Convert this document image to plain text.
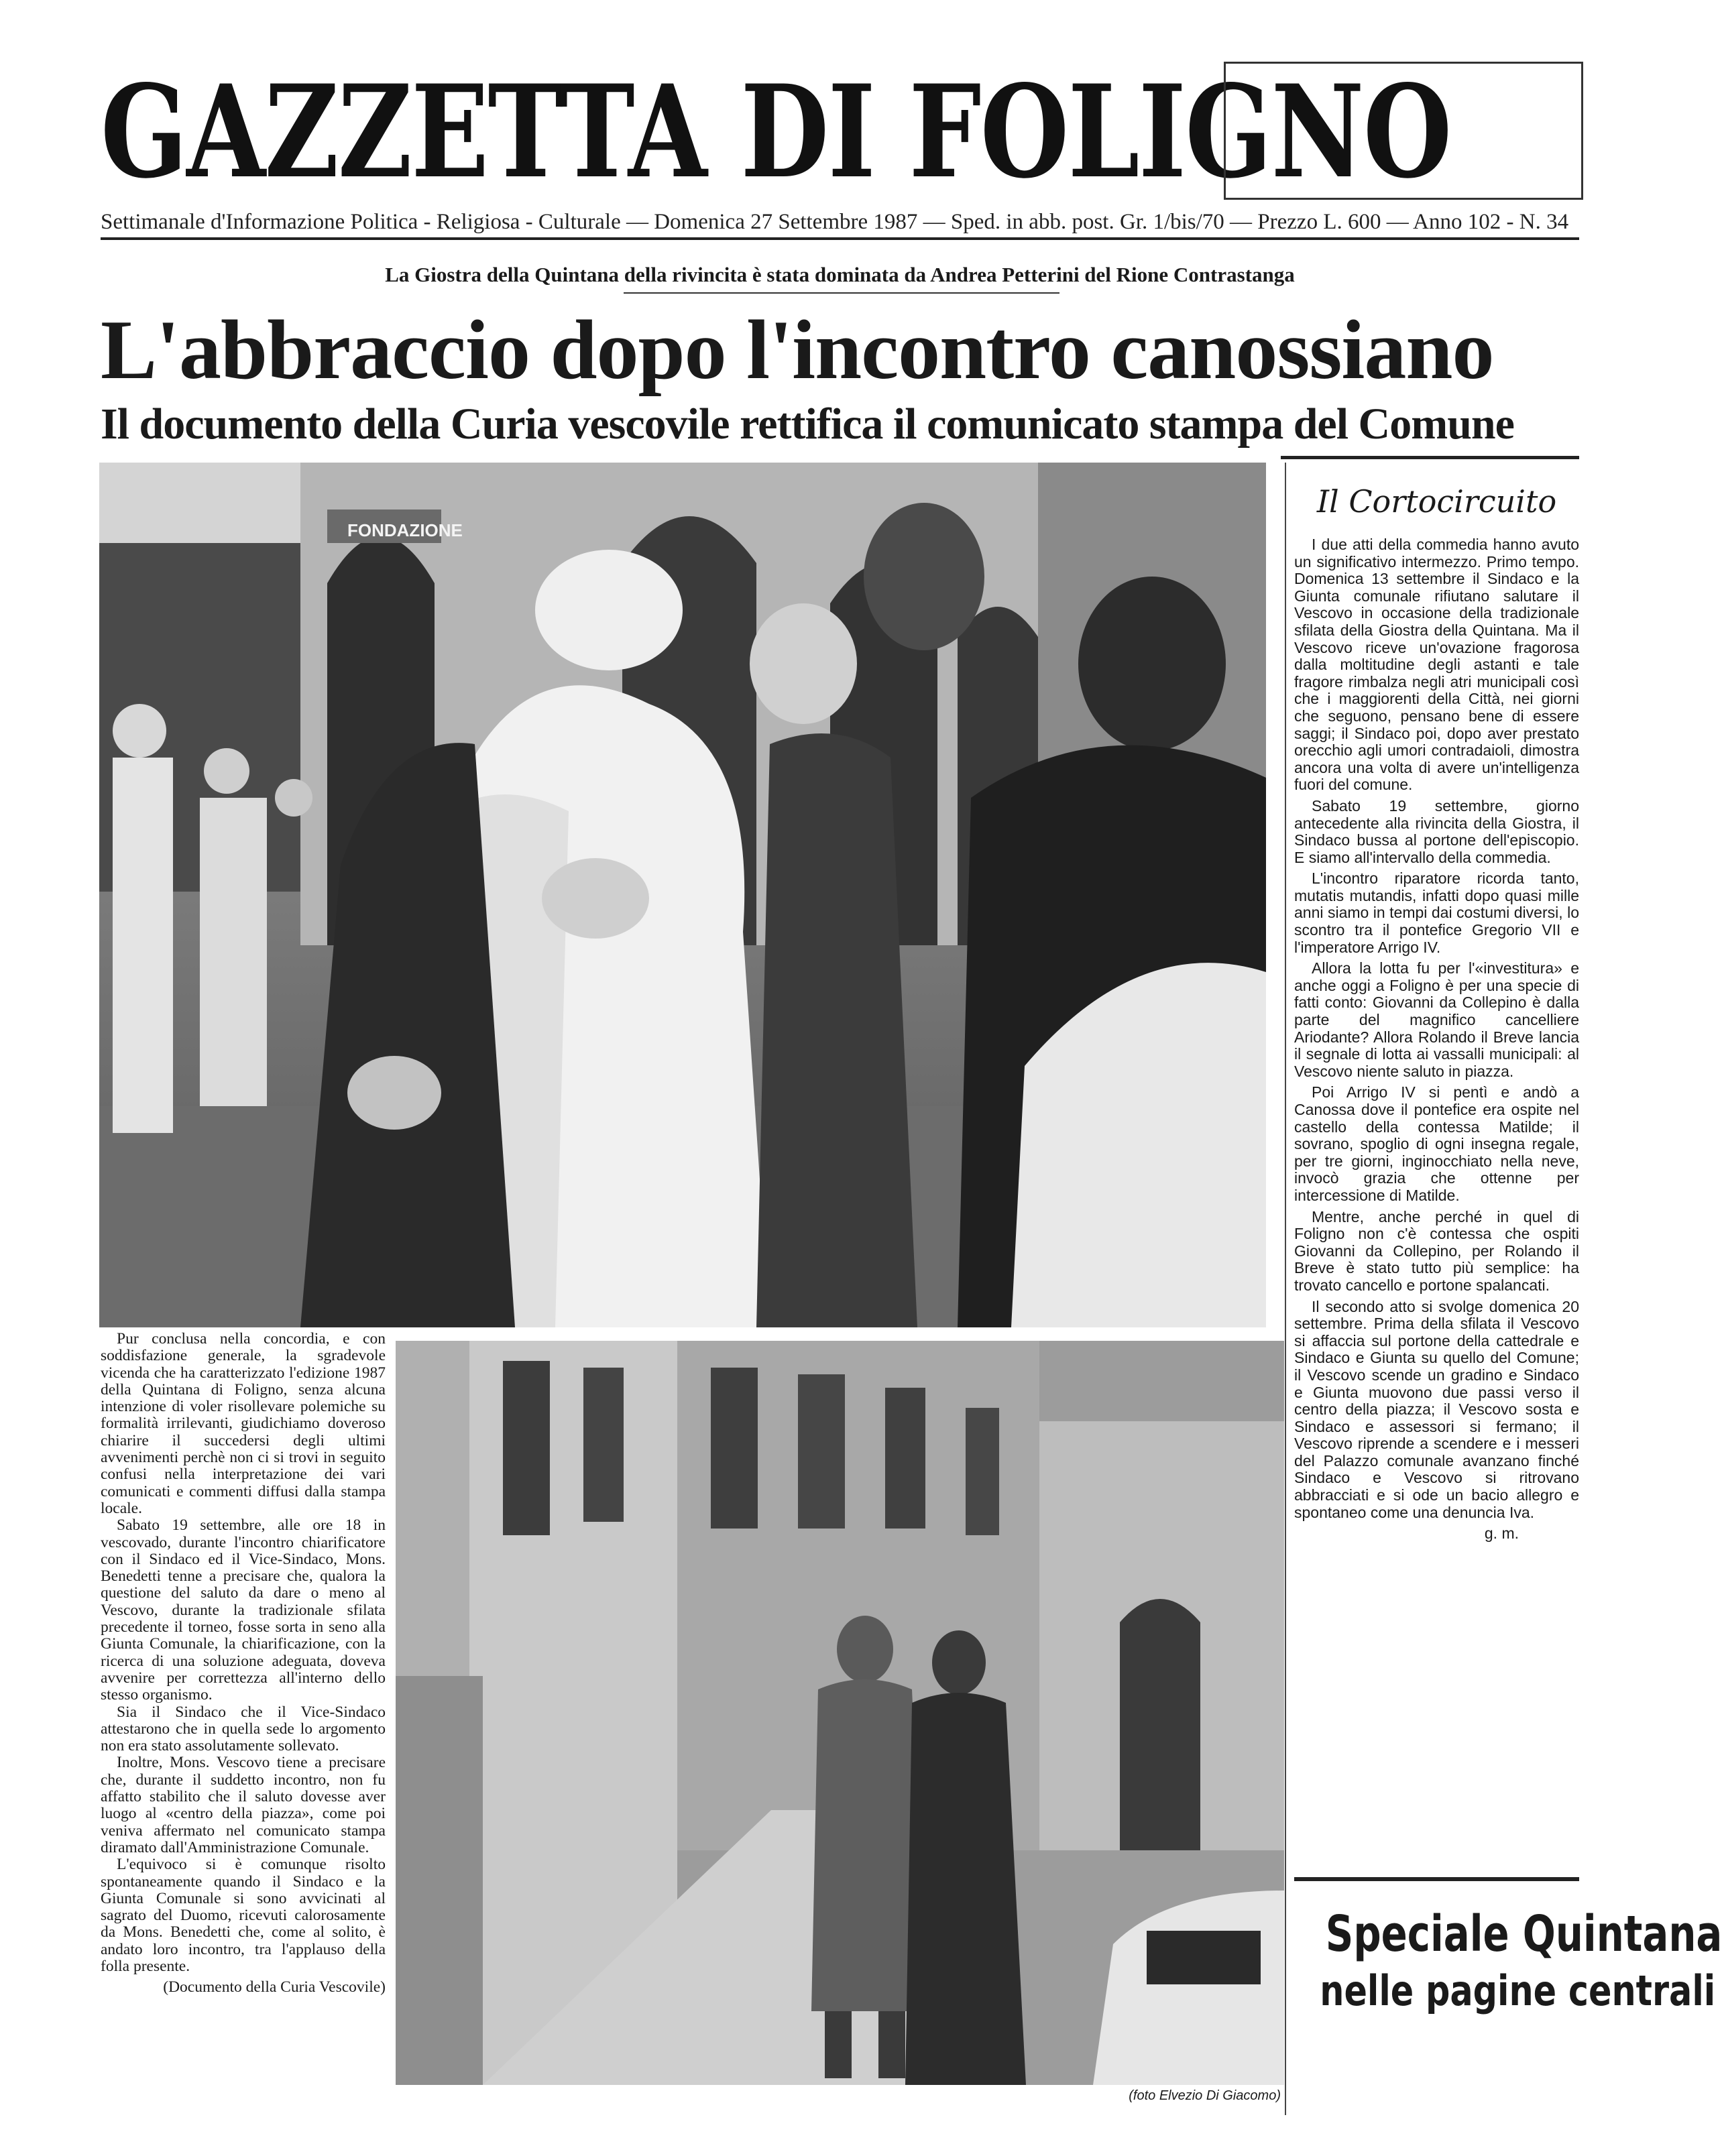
GAZZETTA DI FOLIGNO
Settimanale d'Informazione Politica - Religiosa - Culturale — Domenica 27 Settembre 1987 — Sped. in abb. post. Gr. 1/bis/70 — Prezzo L. 600 — Anno 102 - N. 34
La Giostra della Quintana della rivincita è stata dominata da Andrea Petterini del Rione Contrastanga
L'abbraccio dopo l'incontro canossiano
Il documento della Curia vescovile rettifica il comunicato stampa del Comune
FONDAZIONE

Pur conclusa nella concordia, e con soddisfazione generale, la sgradevole vicenda che ha caratterizzato l'edizione 1987 della Quintana di Foligno, senza alcuna intenzione di voler risollevare polemiche su formalità irrilevanti, giudichiamo doveroso chiarire il succedersi degli ultimi avvenimenti perchè non ci si trovi in seguito confusi nella interpretazione dei vari comunicati e commenti diffusi dalla stampa locale.

Sabato 19 settembre, alle ore 18 in vescovado, durante l'incontro chiarificatore con il Sindaco ed il Vice-Sindaco, Mons. Benedetti tenne a precisare che, qualora la questione del saluto da dare o meno al Vescovo, durante la tradizionale sfilata precedente il torneo, fosse sorta in seno alla Giunta Comunale, la chiarificazione, con la ricerca di una soluzione adeguata, doveva avvenire per correttezza all'interno dello stesso organismo.

Sia il Sindaco che il Vice-Sindaco attestarono che in quella sede lo argomento non era stato assolutamente sollevato.

Inoltre, Mons. Vescovo tiene a precisare che, durante il suddetto incontro, non fu affatto stabilito che il saluto dovesse aver luogo al «centro della piazza», come poi veniva affermato nel comunicato stampa diramato dall'Amministrazione Comunale.

L'equivoco si è comunque risolto spontaneamente quando il Sindaco e la Giunta Comunale si sono avvicinati al sagrato del Duomo, ricevuti calorosamente da Mons. Benedetti che, come al solito, è andato loro incontro, tra l'applauso della folla presente.

(Documento della Curia Vescovile)

(foto Elvezio Di Giacomo)
Il Cortocircuito

I due atti della commedia hanno avuto un significativo intermezzo. Primo tempo. Domenica 13 settembre il Sindaco e la Giunta comunale rifiutano salutare il Vescovo in occasione della tradizionale sfilata della Giostra della Quintana. Ma il Vescovo riceve un'ovazione fragorosa dalla moltitudine degli astanti e tale fragore rimbalza negli atri municipali così che i maggiorenti della Città, nei giorni che seguono, pensano bene di essere saggi; il Sindaco poi, dopo aver prestato orecchio agli umori contradaioli, dimostra ancora una volta di avere un'intelligenza fuori del comune.

Sabato 19 settembre, giorno antecedente alla rivincita della Giostra, il Sindaco bussa al portone dell'episcopio. E siamo all'intervallo della commedia.

L'incontro riparatore ricorda tanto, mutatis mutandis, infatti dopo quasi mille anni siamo in tempi dai costumi diversi, lo scontro tra il pontefice Gregorio VII e l'imperatore Arrigo IV.

Allora la lotta fu per l'«investitura» e anche oggi a Foligno è per una specie di fatti conto: Giovanni da Collepino è dalla parte del magnifico cancelliere Ariodante? Allora Rolando il Breve lancia il segnale di lotta ai vassalli municipali: al Vescovo niente saluto in piazza.

Poi Arrigo IV si pentì e andò a Canossa dove il pontefice era ospite nel castello della contessa Matilde; il sovrano, spoglio di ogni insegna regale, per tre giorni, inginocchiato nella neve, invocò grazia che ottenne per intercessione di Matilde.

Mentre, anche perché in quel di Foligno non c'è contessa che ospiti Giovanni da Collepino, per Rolando il Breve è stato tutto più semplice: ha trovato cancello e portone spalancati.

Il secondo atto si svolge domenica 20 settembre. Prima della sfilata il Vescovo si affaccia sul portone della cattedrale e Sindaco e Giunta su quello del Comune; il Vescovo scende un gradino e Sindaco e Giunta muovono due passi verso il centro della piazza; il Vescovo sosta e Sindaco e assessori si fermano; il Vescovo riprende a scendere e i messeri del Palazzo comunale avanzano finché Sindaco e Vescovo si ritrovano abbracciati e si ode un bacio allegro e spontaneo come una denuncia Iva.

g. m.

Speciale Quintana
nelle pagine centrali
